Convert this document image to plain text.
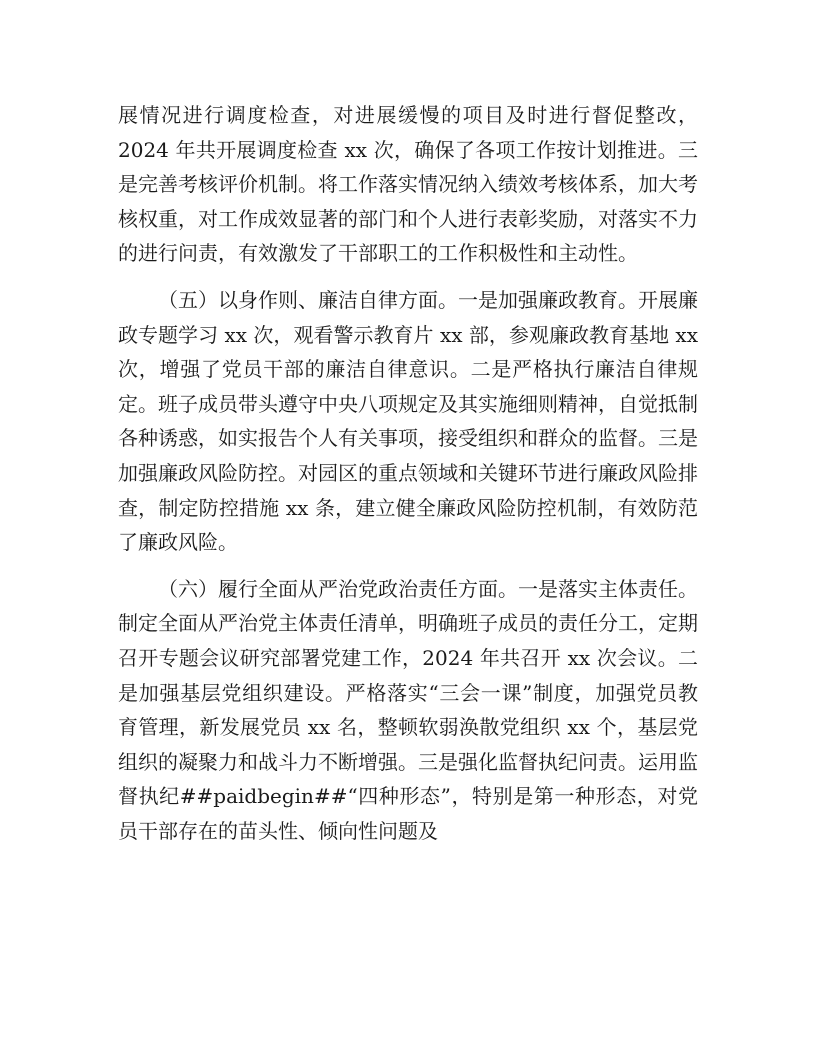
展情况进行调度检查，对进展缓慢的项目及时进行督促整改，2024 年共开展调度检查 xx 次，确保了各项工作按计划推进。三是完善考核评价机制。将工作落实情况纳入绩效考核体系，加大考核权重，对工作成效显著的部门和个人进行表彰奖励，对落实不力的进行问责，有效激发了干部职工的工作积极性和主动性。

（五）以身作则、廉洁自律方面。一是加强廉政教育。开展廉政专题学习 xx 次，观看警示教育片 xx 部，参观廉政教育基地 xx 次，增强了党员干部的廉洁自律意识。二是严格执行廉洁自律规定。班子成员带头遵守中央八项规定及其实施细则精神，自觉抵制各种诱惑，如实报告个人有关事项，接受组织和群众的监督。三是加强廉政风险防控。对园区的重点领域和关键环节进行廉政风险排查，制定防控措施 xx 条，建立健全廉政风险防控机制，有效防范了廉政风险。

（六）履行全面从严治党政治责任方面。一是落实主体责任。制定全面从严治党主体责任清单，明确班子成员的责任分工，定期召开专题会议研究部署党建工作，2024 年共召开 xx 次会议。二是加强基层党组织建设。严格落实“三会一课”制度，加强党员教育管理，新发展党员 xx 名，整顿软弱涣散党组织 xx 个，基层党组织的凝聚力和战斗力不断增强。三是强化监督执纪问责。运用监督执纪##paidbegin##“四种形态”，特别是第一种形态，对党员干部存在的苗头性、倾向性问题及
